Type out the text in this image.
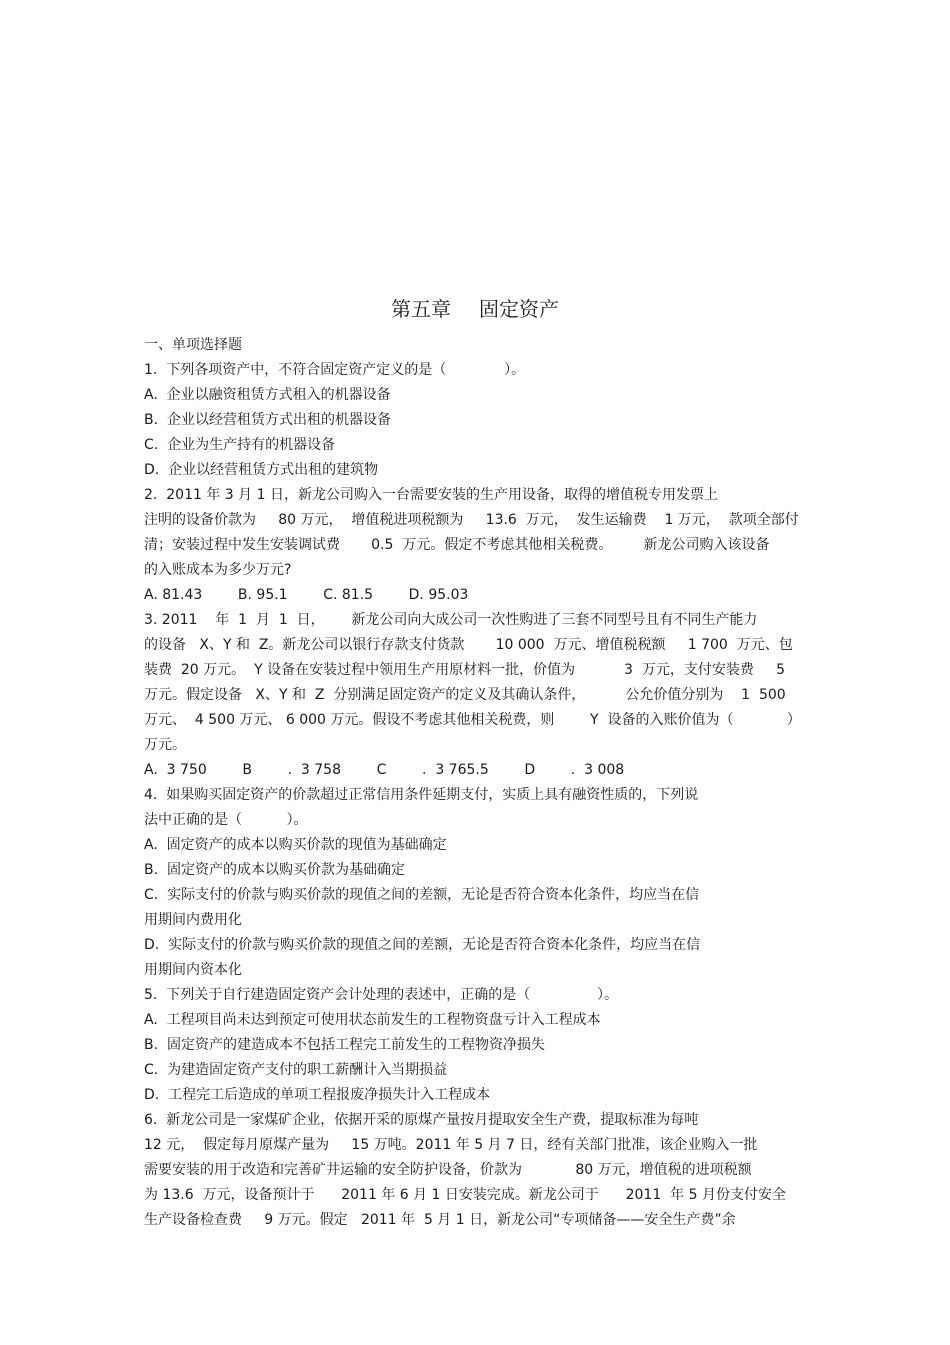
第五章 固定资产
一、单项选择题
1.  下列各项资产中，不符合固定资产定义的是（             ）。
A.  企业以融资租赁方式租入的机器设备
B.  企业以经营租赁方式出租的机器设备
C.  企业为生产持有的机器设备
D.  企业以经营租赁方式出租的建筑物
2.  2011 年 3 月 1 日，新龙公司购入一台需要安装的生产用设备，取得的增值税专用发票上
注明的设备价款为     80 万元，  增值税进项税额为     13.6  万元，  发生运输费    1 万元，  款项全部付
清；安装过程中发生安装调试费       0.5  万元。假定不考虑其他相关税费。       新龙公司购入该设备
的入账成本为多少万元?
A. 81.43        B. 95.1        C. 81.5        D. 95.03
3. 2011    年  1  月  1  日，      新龙公司向大成公司一次性购进了三套不同型号且有不同生产能力
的设备   X、Y 和  Z。新龙公司以银行存款支付货款       10 000  万元、增值税税额     1 700  万元、包
装费  20 万元。  Y 设备在安装过程中领用生产用原材料一批，价值为           3  万元，支付安装费     5
万元。假定设备   X、Y 和  Z  分别满足固定资产的定义及其确认条件，         公允价值分别为    1  500
万元、  4 500 万元、 6 000 万元。假设不考虑其他相关税费，则        Y  设备的入账价值为（            ）
万元。
A.  3 750        B        .  3 758        C        .  3 765.5        D        .  3 008
4.  如果购买固定资产的价款超过正常信用条件延期支付，实质上具有融资性质的，下列说
法中正确的是（          ）。
A.  固定资产的成本以购买价款的现值为基础确定
B.  固定资产的成本以购买价款为基础确定
C.  实际支付的价款与购买价款的现值之间的差额，无论是否符合资本化条件，均应当在信
用期间内费用化
D.  实际支付的价款与购买价款的现值之间的差额，无论是否符合资本化条件，均应当在信
用期间内资本化
5.  下列关于自行建造固定资产会计处理的表述中，正确的是（               ）。
A.  工程项目尚未达到预定可使用状态前发生的工程物资盘亏计入工程成本
B.  固定资产的建造成本不包括工程完工前发生的工程物资净损失
C.  为建造固定资产支付的职工薪酬计入当期损益
D.  工程完工后造成的单项工程报废净损失计入工程成本
6.  新龙公司是一家煤矿企业，依据开采的原煤产量按月提取安全生产费，提取标准为每吨
12 元，  假定每月原煤产量为     15 万吨。2011 年 5 月 7 日，经有关部门批准，该企业购入一批
需要安装的用于改造和完善矿井运输的安全防护设备，价款为            80 万元，增值税的进项税额
为 13.6  万元，设备预计于      2011 年 6 月 1 日安装完成。新龙公司于      2011  年 5 月份支付安全
生产设备检查费     9 万元。假定   2011 年  5 月 1 日，新龙公司“专项储备——安全生产费”余
